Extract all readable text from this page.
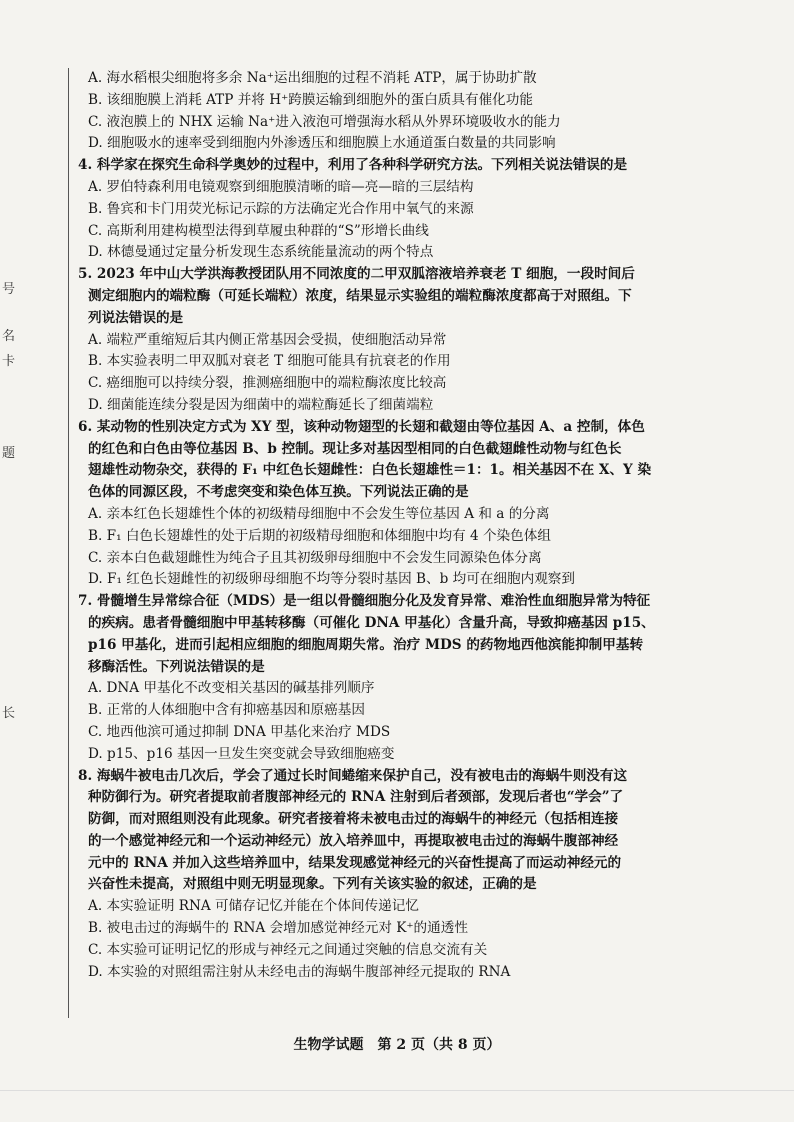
号
名
卡
题
长
A. 海水稻根尖细胞将多余 Na⁺运出细胞的过程不消耗 ATP，属于协助扩散
B. 该细胞膜上消耗 ATP 并将 H⁺跨膜运输到细胞外的蛋白质具有催化功能
C. 液泡膜上的 NHX 运输 Na⁺进入液泡可增强海水稻从外界环境吸收水的能力
D. 细胞吸水的速率受到细胞内外渗透压和细胞膜上水通道蛋白数量的共同影响
4. 科学家在探究生命科学奥妙的过程中，利用了各种科学研究方法。下列相关说法错误的是
A. 罗伯特森利用电镜观察到细胞膜清晰的暗—亮—暗的三层结构
B. 鲁宾和卡门用荧光标记示踪的方法确定光合作用中氧气的来源
C. 高斯利用建构模型法得到草履虫种群的“S”形增长曲线
D. 林德曼通过定量分析发现生态系统能量流动的两个特点
5. 2023 年中山大学洪海教授团队用不同浓度的二甲双胍溶液培养衰老 T 细胞，一段时间后
测定细胞内的端粒酶（可延长端粒）浓度，结果显示实验组的端粒酶浓度都高于对照组。下
列说法错误的是
A. 端粒严重缩短后其内侧正常基因会受损，使细胞活动异常
B. 本实验表明二甲双胍对衰老 T 细胞可能具有抗衰老的作用
C. 癌细胞可以持续分裂，推测癌细胞中的端粒酶浓度比较高
D. 细菌能连续分裂是因为细菌中的端粒酶延长了细菌端粒
6. 某动物的性别决定方式为 XY 型，该种动物翅型的长翅和截翅由等位基因 A、a 控制，体色
的红色和白色由等位基因 B、b 控制。现让多对基因型相同的白色截翅雌性动物与红色长
翅雄性动物杂交，获得的 F₁ 中红色长翅雌性：白色长翅雄性＝1：1。相关基因不在 X、Y 染
色体的同源区段，不考虑突变和染色体互换。下列说法正确的是
A. 亲本红色长翅雄性个体的初级精母细胞中不会发生等位基因 A 和 a 的分离
B. F₁ 白色长翅雄性的处于后期的初级精母细胞和体细胞中均有 4 个染色体组
C. 亲本白色截翅雌性为纯合子且其初级卵母细胞中不会发生同源染色体分离
D. F₁ 红色长翅雌性的初级卵母细胞不均等分裂时基因 B、b 均可在细胞内观察到
7. 骨髓增生异常综合征（MDS）是一组以骨髓细胞分化及发育异常、难治性血细胞异常为特征
的疾病。患者骨髓细胞中甲基转移酶（可催化 DNA 甲基化）含量升高，导致抑癌基因 p15、
p16 甲基化，进而引起相应细胞的细胞周期失常。治疗 MDS 的药物地西他滨能抑制甲基转
移酶活性。下列说法错误的是
A. DNA 甲基化不改变相关基因的碱基排列顺序
B. 正常的人体细胞中含有抑癌基因和原癌基因
C. 地西他滨可通过抑制 DNA 甲基化来治疗 MDS
D. p15、p16 基因一旦发生突变就会导致细胞癌变
8. 海蜗牛被电击几次后，学会了通过长时间蜷缩来保护自己，没有被电击的海蜗牛则没有这
种防御行为。研究者提取前者腹部神经元的 RNA 注射到后者颈部，发现后者也“学会”了
防御，而对照组则没有此现象。研究者接着将未被电击过的海蜗牛的神经元（包括相连接
的一个感觉神经元和一个运动神经元）放入培养皿中，再提取被电击过的海蜗牛腹部神经
元中的 RNA 并加入这些培养皿中，结果发现感觉神经元的兴奋性提高了而运动神经元的
兴奋性未提高，对照组中则无明显现象。下列有关该实验的叙述，正确的是
A. 本实验证明 RNA 可储存记忆并能在个体间传递记忆
B. 被电击过的海蜗牛的 RNA 会增加感觉神经元对 K⁺的通透性
C. 本实验可证明记忆的形成与神经元之间通过突触的信息交流有关
D. 本实验的对照组需注射从未经电击的海蜗牛腹部神经元提取的 RNA
生物学试题　第 2 页（共 8 页）
